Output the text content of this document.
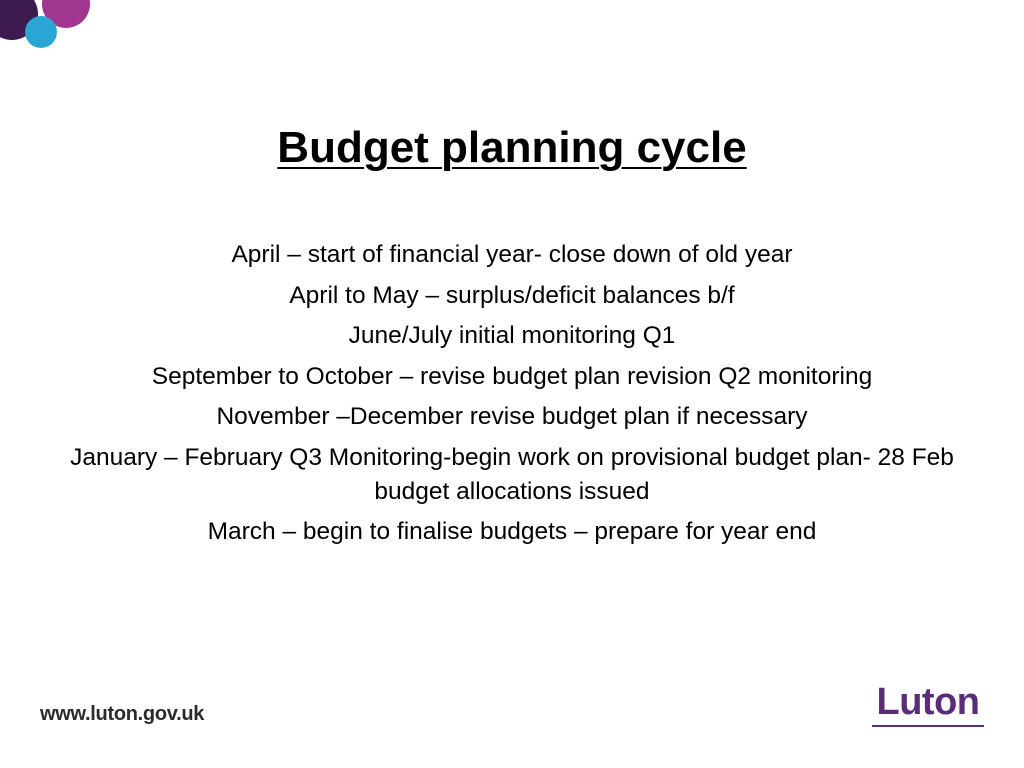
Budget planning cycle
April – start of financial year- close down of old year
April to May – surplus/deficit balances b/f
June/July initial monitoring Q1
September to October – revise budget plan revision Q2 monitoring
November –December revise budget plan if necessary
January – February Q3 Monitoring-begin work on provisional budget plan- 28 Feb budget allocations issued
March – begin to finalise budgets – prepare for year end
www.luton.gov.uk	Luton
